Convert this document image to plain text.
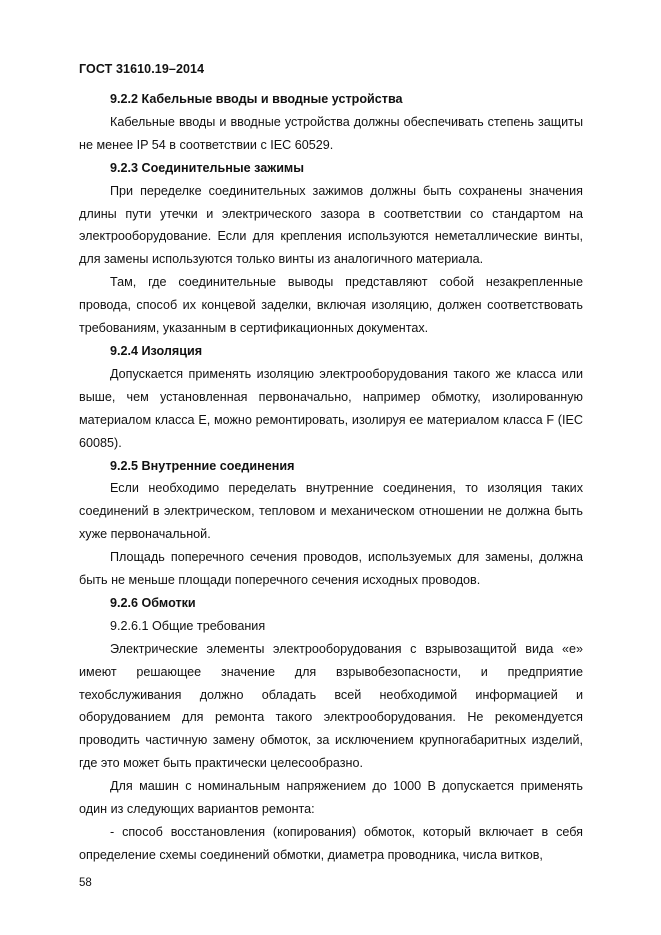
ГОСТ 31610.19–2014

9.2.2 Кабельные вводы и вводные устройства

Кабельные вводы и вводные устройства должны обеспечивать степень защиты не менее IP 54 в соответствии с IEC 60529.

9.2.3 Соединительные зажимы

При переделке соединительных зажимов должны быть сохранены значения длины пути утечки и электрического зазора в соответствии со стандартом на электрооборудование. Если для крепления используются неметаллические винты, для замены используются только винты из аналогичного материала.

Там, где соединительные выводы представляют собой незакрепленные провода, способ их концевой заделки, включая изоляцию, должен соответствовать требованиям, указанным в сертификационных документах.

9.2.4 Изоляция

Допускается применять изоляцию электрооборудования такого же класса или выше, чем установленная первоначально, например обмотку, изолированную материалом класса Е, можно ремонтировать, изолируя ее материалом класса F (IEC 60085).

9.2.5 Внутренние соединения

Если необходимо переделать внутренние соединения, то изоляция таких соединений в электрическом, тепловом и механическом отношении не должна быть хуже первоначальной.

Площадь поперечного сечения проводов, используемых для замены, должна быть не меньше площади поперечного сечения исходных проводов.

9.2.6 Обмотки

9.2.6.1 Общие требования

Электрические элементы электрооборудования с взрывозащитой вида «е» имеют решающее значение для взрывобезопасности, и предприятие техобслуживания должно обладать всей необходимой информацией и оборудованием для ремонта такого электрооборудования. Не рекомендуется проводить частичную замену обмоток, за исключением крупногабаритных изделий, где это может быть практически целесообразно.

Для машин с номинальным напряжением до 1000 В допускается применять один из следующих вариантов ремонта:

- способ восстановления (копирования) обмоток, который включает в себя определение схемы соединений обмотки, диаметра проводника, числа витков,

58
